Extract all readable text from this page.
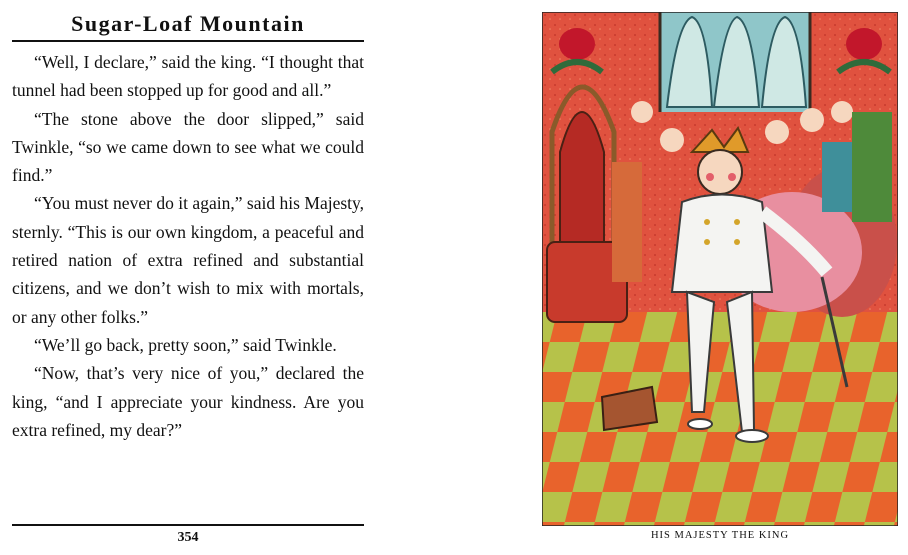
Sugar-Loaf Mountain

“Well, I declare,” said the king. “I thought that tunnel had been stopped up for good and all.”

“The stone above the door slipped,” said Twinkle, “so we came down to see what we could find.”

“You must never do it again,” said his Majesty, sternly. “This is our own kingdom, a peaceful and retired nation of extra refined and substantial citizens, and we don’t wish to mix with mortals, or any other folks.”

“We’ll go back, pretty soon,” said Twinkle.

“Now, that’s very nice of you,” declared the king, “and I appreciate your kindness. Are you extra refined, my dear?”

354	HIS MAJESTY THE KING
